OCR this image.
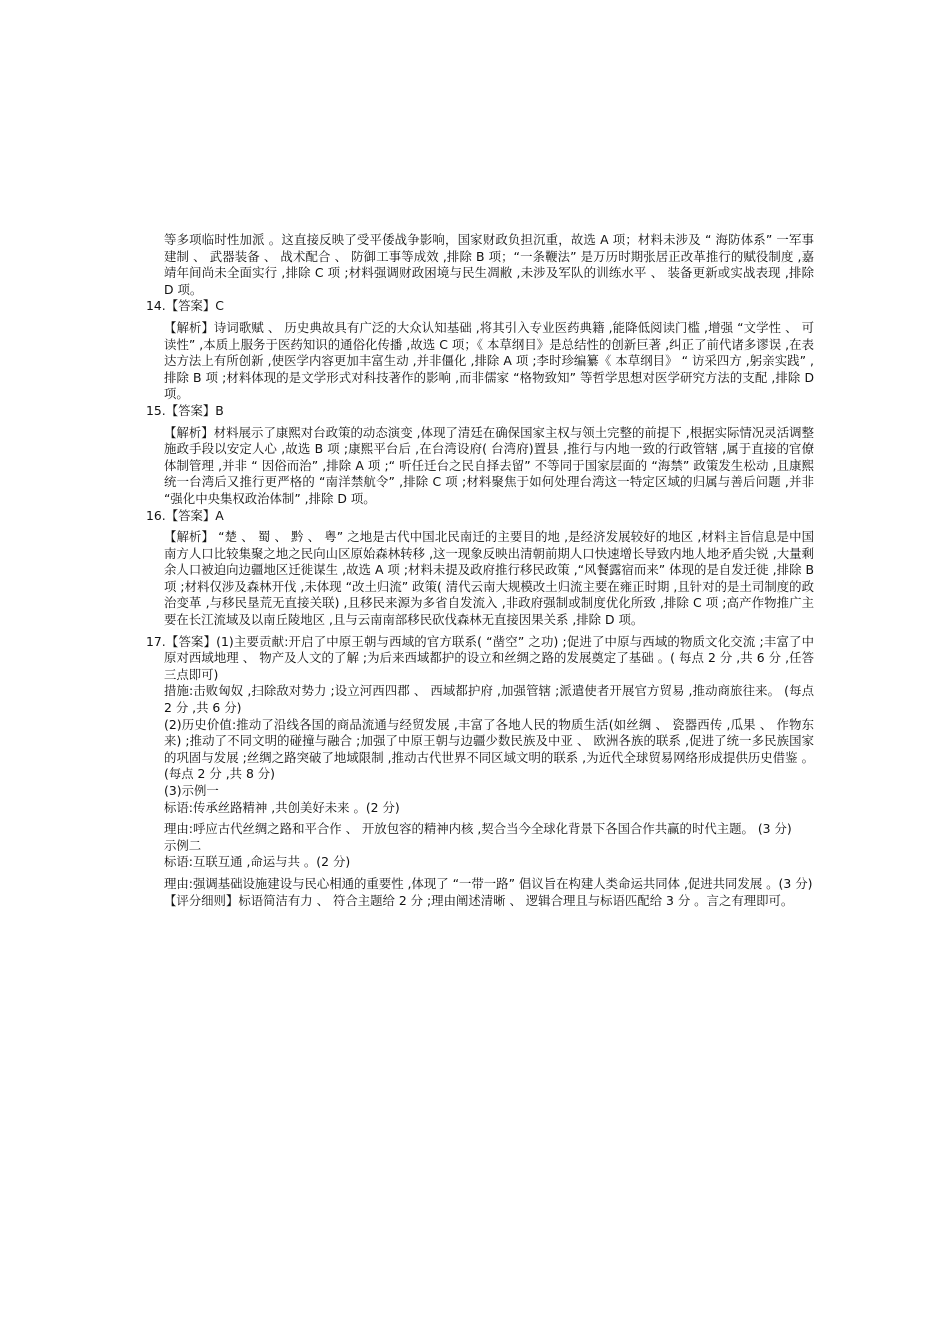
等多项临时性加派 。这直接反映了受平倭战争影响，国家财政负担沉重，故选 A 项；材料未涉及 “ 海防体系” 一军事建制 、 武器装备 、 战术配合 、 防御工事等成效 ,排除 B 项；“一条鞭法” 是万历时期张居正改革推行的赋役制度 ,嘉靖年间尚未全面实行 ,排除 C 项 ;材料强调财政困境与民生凋敝 ,未涉及军队的训练水平 、 装备更新或实战表现 ,排除 D 项。

14.【答案】C

【解析】诗词歌赋 、 历史典故具有广泛的大众认知基础 ,将其引入专业医药典籍 ,能降低阅读门槛 ,增强 “文学性 、 可读性” ,本质上服务于医药知识的通俗化传播 ,故选 C 项；《 本草纲目》是总结性的创新巨著 ,纠正了前代诸多谬误 ,在表达方法上有所创新 ,使医学内容更加丰富生动 ,并非僵化 ,排除 A 项 ;李时珍编纂《 本草纲目》 “ 访采四方 ,躬亲实践” ,排除 B 项 ;材料体现的是文学形式对科技著作的影响 ,而非儒家 “格物致知” 等哲学思想对医学研究方法的支配 ,排除 D 项。

15.【答案】B

【解析】材料展示了康熙对台政策的动态演变 ,体现了清廷在确保国家主权与领土完整的前提下 ,根据实际情况灵活调整施政手段以安定人心 ,故选 B 项 ;康熙平台后 ,在台湾设府( 台湾府)置县 ,推行与内地一致的行政管辖 ,属于直接的官僚体制管理 ,并非 “ 因俗而治” ,排除 A 项 ;“ 听任迁台之民自择去留” 不等同于国家层面的 “海禁” 政策发生松动 ,且康熙统一台湾后又推行更严格的 “南洋禁航令” ,排除 C 项 ;材料聚焦于如何处理台湾这一特定区域的归属与善后问题 ,并非 “强化中央集权政治体制” ,排除 D 项。

16.【答案】A

【解析】 “楚 、 蜀 、 黔 、 粤” 之地是古代中国北民南迁的主要目的地 ,是经济发展较好的地区 ,材料主旨信息是中国南方人口比较集聚之地之民向山区原始森林转移 ,这一现象反映出清朝前期人口快速增长导致内地人地矛盾尖锐 ,大量剩余人口被迫向边疆地区迁徙谋生 ,故选 A 项 ;材料未提及政府推行移民政策 ,“风餐露宿而来” 体现的是自发迁徙 ,排除 B 项 ;材料仅涉及森林开伐 ,未体现 “改土归流” 政策( 清代云南大规模改土归流主要在雍正时期 ,且针对的是土司制度的政治变革 ,与移民垦荒无直接关联) ,且移民来源为多省自发流入 ,非政府强制或制度优化所致 ,排除 C 项 ;高产作物推广主要在长江流域及以南丘陵地区 ,且与云南南部移民砍伐森林无直接因果关系 ,排除 D 项。

17.【答案】(1)主要贡献:开启了中原王朝与西域的官方联系( “凿空” 之功) ;促进了中原与西域的物质文化交流 ;丰富了中原对西域地理 、 物产及人文的了解 ;为后来西域都护的设立和丝绸之路的发展奠定了基础 。( 每点 2 分 ,共 6 分 ,任答三点即可)

措施:击败匈奴 ,扫除敌对势力 ;设立河西四郡 、 西域都护府 ,加强管辖 ;派遣使者开展官方贸易 ,推动商旅往来。 (每点 2 分 ,共 6 分)

(2)历史价值:推动了沿线各国的商品流通与经贸发展 ,丰富了各地人民的物质生活(如丝绸 、 瓷器西传 ,瓜果 、 作物东来) ;推动了不同文明的碰撞与融合 ;加强了中原王朝与边疆少数民族及中亚 、 欧洲各族的联系 ,促进了统一多民族国家的巩固与发展 ;丝绸之路突破了地域限制 ,推动古代世界不同区域文明的联系 ,为近代全球贸易网络形成提供历史借鉴 。(每点 2 分 ,共 8 分)

(3)示例一

标语:传承丝路精神 ,共创美好未来 。(2 分)

理由:呼应古代丝绸之路和平合作 、 开放包容的精神内核 ,契合当今全球化背景下各国合作共赢的时代主题。 (3 分)

示例二

标语:互联互通 ,命运与共 。(2 分)

理由:强调基础设施建设与民心相通的重要性 ,体现了 “一带一路” 倡议旨在构建人类命运共同体 ,促进共同发展 。(3 分)

【评分细则】标语简洁有力 、 符合主题给 2 分 ;理由阐述清晰 、 逻辑合理且与标语匹配给 3 分 。言之有理即可。
